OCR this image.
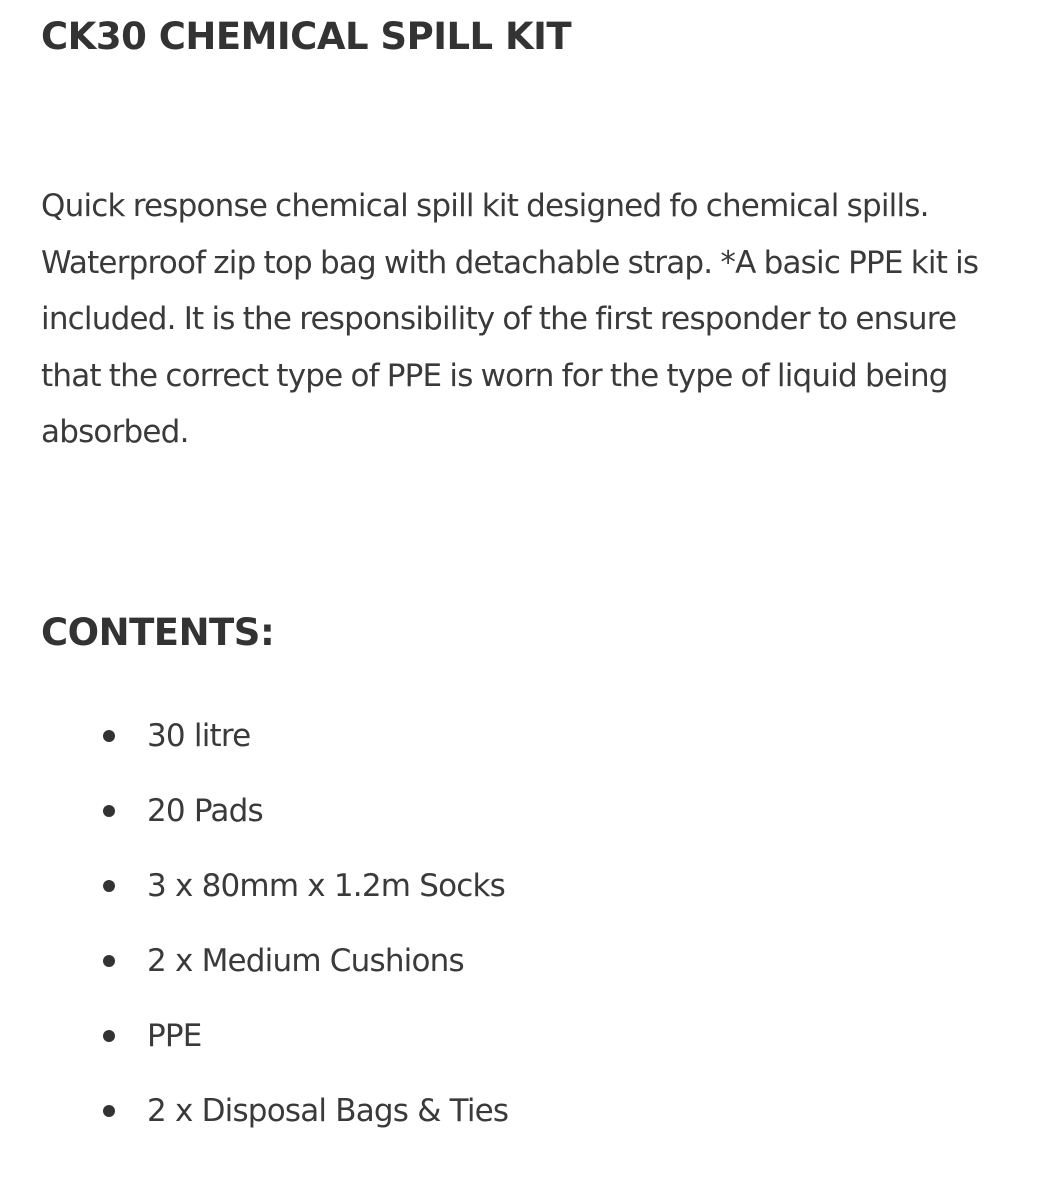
CK30 CHEMICAL SPILL KIT

Quick response chemical spill kit designed fo chemical spills. Waterproof zip top bag with detachable strap. *A basic PPE kit is included. It is the responsibility of the first responder to ensure that the correct type of PPE is worn for the type of liquid being absorbed.

CONTENTS:
30 litre
20 Pads
3 x 80mm x 1.2m Socks
2 x Medium Cushions
PPE
2 x Disposal Bags & Ties
